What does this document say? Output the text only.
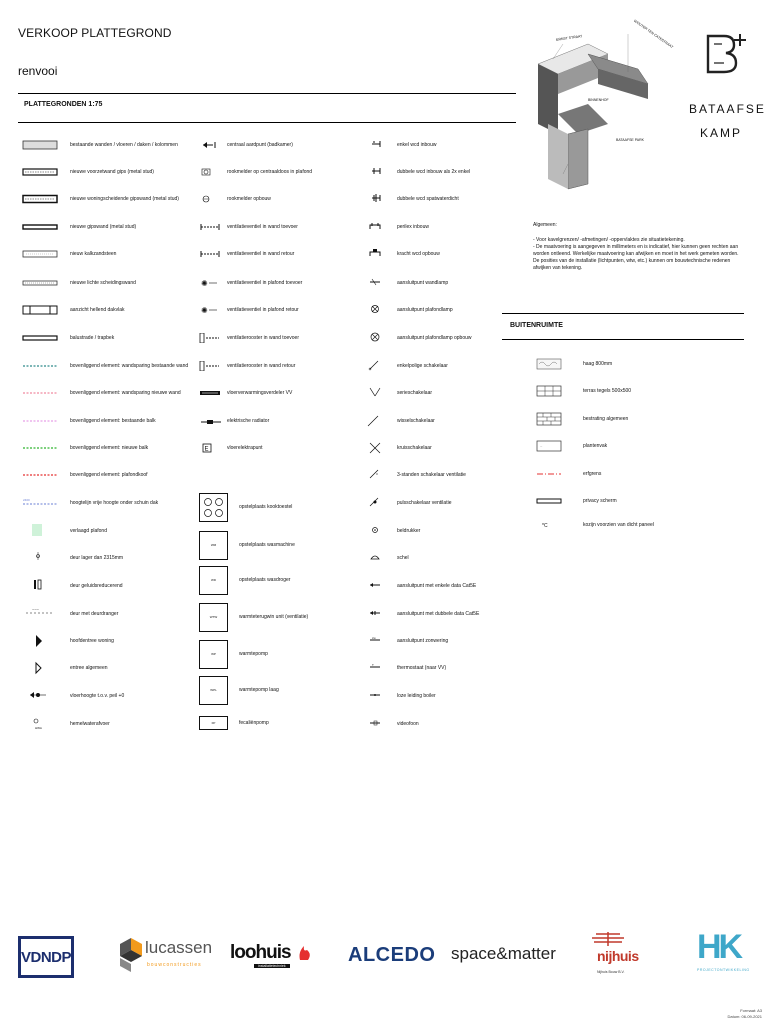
VERKOOP PLATTEGROND
renvooi
PLATTEGRONDEN 1:75
ERNST STRAAT	WOUTER TEN CATESTRAAT
BINNENHOF
BATAAFSE PARK
BATAAFSE
KAMP
bestaande wanden / vloeren / daken / kolommen
nieuwe voorzetwand gips (metal stud)
nieuwe woningscheidende gipswand (metal stud)
nieuwe gipswand (metal stud)
nieuw kalkzandsteen
nieuwe lichte scheidingswand
aanzicht hellend dakvlak
balustrade / trapbek
bovenliggend element: wandsparing bestaande wand
bovenliggend element: wandsparing nieuwe wand
bovenliggend element: bestaande balk
bovenliggend element: nieuwe balk
bovenliggend element: plafondkoof
2400	hoogtelijn vrije hoogte onder schuin dak
verlaagd plafond
deur lager dan 2315mm
deur geluidsreducerend
~~~
deur met deurdranger
hoofdentree woning
entree algemeen
vloerhoogte t.o.v. peil +0
HWA
hemelwaterafvoer
centraal aardpunt (badkamer)
rookmelder op centraaldoos in plafond
rookmelder opbouw
ventilatieventiel in wand toevoer
ventilatieventiel in wand retour
✺	ventilatieventiel in plafond toevoer
✺	ventilatieventiel in plafond retour
ventilatierooster in wand toevoer
ventilatierooster in wand retour
vloerverwarmingsverdeler VV
elektrische radiator
E	vloerelektrapunt
opstelplaats kooktoestel
opstelplaats wasmachine
WM
opstelplaats wasdroger
WD
warmteterugwin unit (ventilatie)
WTW
warmtepomp
WP
warmtepomp laag
WPL
fecaliënpomp
FP
enkel wcd inbouw
dubbele wcd inbouw als 2x enkel
dubbele wcd spatwaterdicht
perilex inbouw
kracht wcd opbouw
aansluitpunt wandlamp
aansluitpunt plafondlamp
aansluitpunt plafondlamp opbouw
enkelpolige schakelaar
serieschakelaar
wisselschakelaar
kruisschakelaar
3	3-standen schakelaar ventilatie
pulsschakelaar ventilatie
beldrukker
schel
aansluitpunt met enkele data Cat5E
aansluitpunt met dubbele data Cat5E
zw	aansluitpunt zonwering
T	thermostaat (naar VV)
loze leiding boiler
videofoon
Algemeen:
- Voor kavelgrenzen/ -afmetingen/ -oppervlaktes zie situatietekening.
- De maatvoering is aangegeven in millimeters en is indicatief, hier kunnen geen rechten aan worden ontleend. Werkelijke maatvoering kan afwijken en moet in het werk gemeten worden.
De posities van de installatie (lichtpunten, wtw, etc.) kunnen om bouwtechnische redenen afwijken van tekening.
BUITENRUIMTE
haag 800mm
terras tegels 500x500
bestrating algemeen
~	plantenvak
erfgrens
privacy scherm
*C	kozijn voorzien van dicht paneel
VDNDP	lucassen
bouwconstructies
loohuis
installatietechniek	ALCEDO space&matter	nijhuis
Nijhuis Bouw B.V.
HK
PROJECTONTWIKKELING
Formaat: A3
Datum: 06-09-2021
